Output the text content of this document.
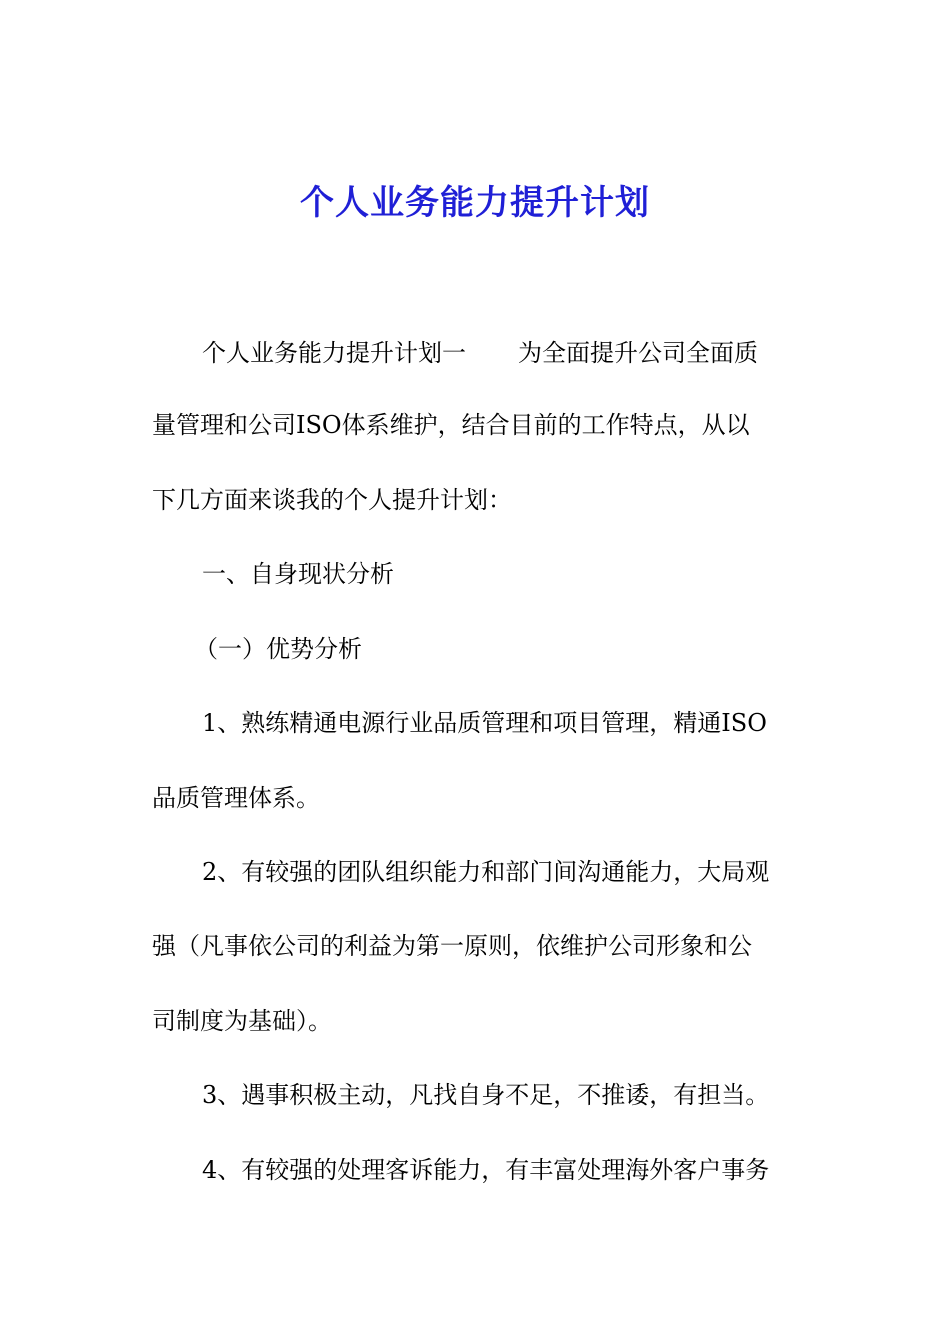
个人业务能力提升计划
个人业务能力提升计划一 为全面提升公司全面质
量管理和公司ISO体系维护，结合目前的工作特点，从以
下几方面来谈我的个人提升计划：
一、自身现状分析
（一）优势分析
1、熟练精通电源行业品质管理和项目管理，精通ISO
品质管理体系。
2、有较强的团队组织能力和部门间沟通能力，大局观
强（凡事依公司的利益为第一原则，依维护公司形象和公
司制度为基础）。
3、遇事积极主动，凡找自身不足，不推诿，有担当。
4、有较强的处理客诉能力，有丰富处理海外客户事务
